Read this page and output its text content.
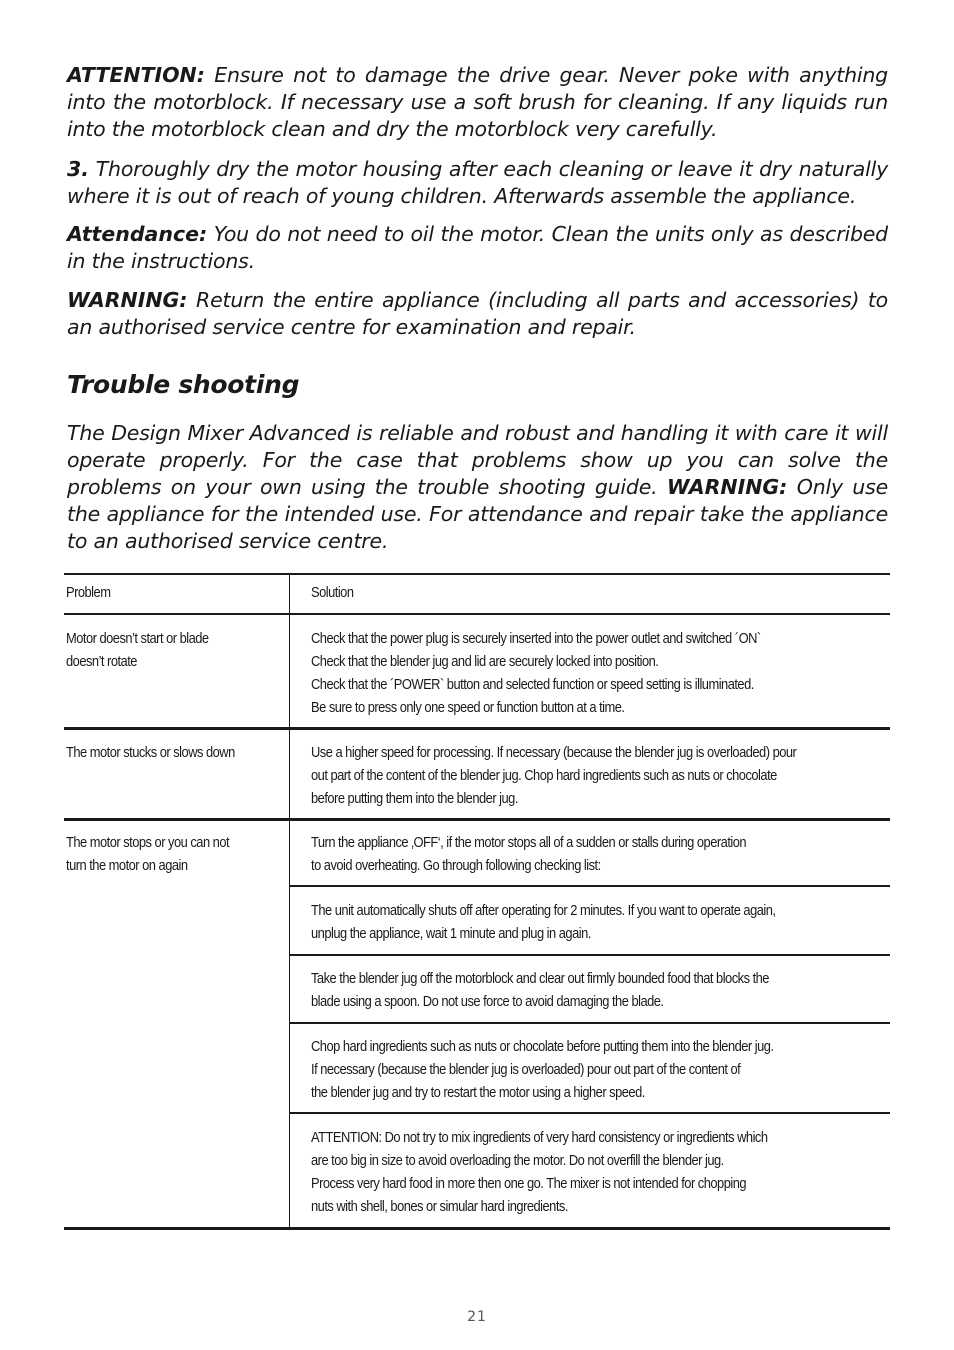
ATTENTION: Ensure not to damage the drive gear. Never poke with anything into the motorblock. If necessary use a soft brush for cleaning. If any liquids run into the motorblock clean and dry the motorblock very carefully.

3. Thoroughly dry the motor housing after each cleaning or leave it dry naturally where it is out of reach of young children. Afterwards assemble the appliance.

Attendance: You do not need to oil the motor. Clean the units only as described in the instructions.

WARNING: Return the entire appliance (including all parts and accessories) to an authorised service centre for examination and repair.

Trouble shooting

The Design Mixer Advanced is reliable and robust and handling it with care it will operate properly. For the case that problems show up you can solve the problems on your own using the trouble shooting guide. WARNING: Only use the appliance for the intended use. For attendance and repair take the appliance to an authorised service centre.

Problem	Solution
Motor doesn’t start or blade
doesn’t rotate
Check that the power plug is securely inserted into the power outlet and switched ´ON`
Check that the blender jug and lid are securely locked into position.
Check that the ´POWER` button and selected function or speed setting is illuminated.
Be sure to press only one speed or function button at a time.
The motor stucks or slows down	Use a higher speed for processing. If necessary (because the blender jug is overloaded) pour
out part of the content of the blender jug. Chop hard ingredients such as nuts or chocolate
before putting them into the blender jug.
The motor stops or you can not
turn the motor on again
Turn the appliance ‚OFF‘, if the motor stops all of a sudden or stalls during operation
to avoid overheating. Go through following checking list:
The unit automatically shuts off after operating for 2 minutes. If you want to operate again,
unplug the appliance, wait 1 minute and plug in again.
Take the blender jug off the motorblock and clear out firmly bounded food that blocks the
blade using a spoon. Do not use force to avoid damaging the blade.
Chop hard ingredients such as nuts or chocolate before putting them into the blender jug.
If necessary (because the blender jug is overloaded) pour out part of the content of
the blender jug and try to restart the motor using a higher speed.
ATTENTION: Do not try to mix ingredients of very hard consistency or ingredients which
are too big in size to avoid overloading the motor. Do not overfill the blender jug.
Process very hard food in more then one go. The mixer is not intended for chopping
nuts with shell, bones or simular hard ingredients.
21
